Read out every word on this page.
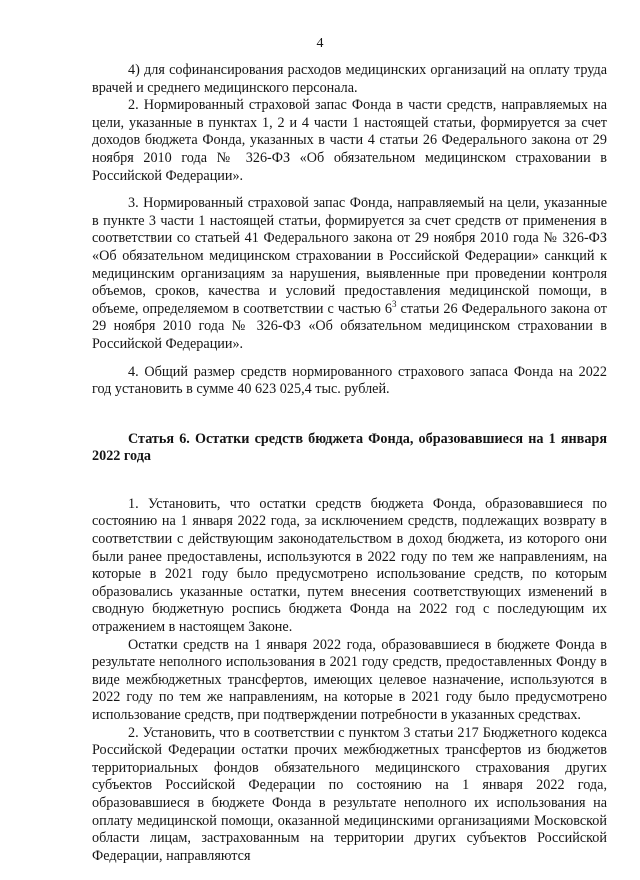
4

4) для софинансирования расходов медицинских организаций на оплату труда врачей и среднего медицинского персонала.

2. Нормированный страховой запас Фонда в части средств, направляемых на цели, указанные в пунктах 1, 2 и 4 части 1 настоящей статьи, формируется за счет доходов бюджета Фонда, указанных в части 4 статьи 26 Федерального закона от 29 ноября 2010 года № 326-ФЗ «Об обязательном медицинском страховании в Российской Федерации».

3. Нормированный страховой запас Фонда, направляемый на цели, указанные в пункте 3 части 1 настоящей статьи, формируется за счет средств от применения в соответствии со статьей 41 Федерального закона от 29 ноября 2010 года № 326-ФЗ «Об обязательном медицинском страховании в Российской Федерации» санкций к медицинским организациям за нарушения, выявленные при проведении контроля объемов, сроков, качества и условий предоставления медицинской помощи, в объеме, определяемом в соответствии с частью $6^3$ статьи 26 Федерального закона от 29 ноября 2010 года № 326-ФЗ «Об обязательном медицинском страховании в Российской Федерации».

4. Общий размер средств нормированного страхового запаса Фонда на 2022 год установить в сумме 40 623 025,4 тыс. рублей.

Статья 6. Остатки средств бюджета Фонда, образовавшиеся на 1 января 2022 года

1. Установить, что остатки средств бюджета Фонда, образовавшиеся по состоянию на 1 января 2022 года, за исключением средств, подлежащих возврату в соответствии с действующим законодательством в доход бюджета, из которого они были ранее предоставлены, используются в 2022 году по тем же направлениям, на которые в 2021 году было предусмотрено использование средств, по которым образовались указанные остатки, путем внесения соответствующих изменений в сводную бюджетную роспись бюджета Фонда на 2022 год с последующим их отражением в настоящем Законе.

Остатки средств на 1 января 2022 года, образовавшиеся в бюджете Фонда в результате неполного использования в 2021 году средств, предоставленных Фонду в виде межбюджетных трансфертов, имеющих целевое назначение, используются в 2022 году по тем же направлениям, на которые в 2021 году было предусмотрено использование средств, при подтверждении потребности в указанных средствах.

2. Установить, что в соответствии с пунктом 3 статьи 217 Бюджетного кодекса Российской Федерации остатки прочих межбюджетных трансфертов из бюджетов территориальных фондов обязательного медицинского страхования других субъектов Российской Федерации по состоянию на 1 января 2022 года, образовавшиеся в бюджете Фонда в результате неполного их использования на оплату медицинской помощи, оказанной медицинскими организациями Московской области лицам, застрахованным на территории других субъектов Российской Федерации, направляются
